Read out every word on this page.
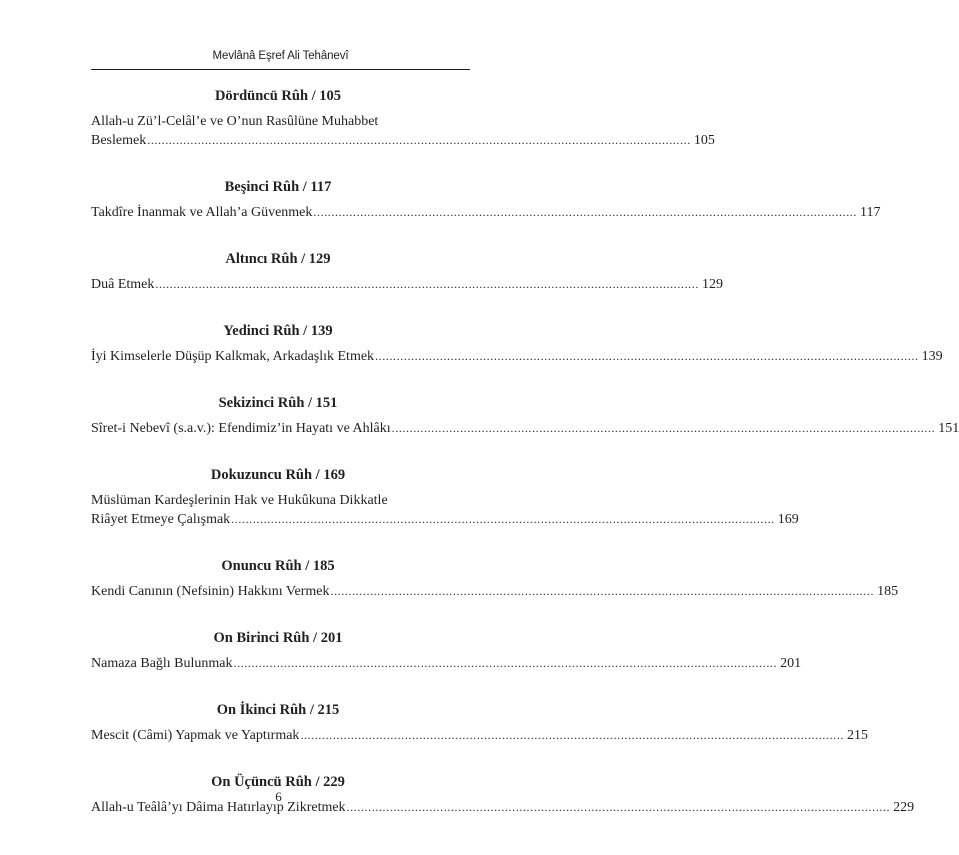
Mevlânâ Eşref Ali Tehânevî
Dördüncü Rûh / 105
Allah-u Zü’l-Celâl’e ve O’nun Rasûlüne Muhabbet
Beslemek ....................................................................................................................................................... 105
Beşinci Rûh / 117
Takdîre İnanmak ve Allah’a Güvenmek ....................................................................................................................................................... 117
Altıncı Rûh / 129
Duâ Etmek ....................................................................................................................................................... 129
Yedinci Rûh / 139
İyi Kimselerle Düşüp Kalkmak, Arkadaşlık Etmek ....................................................................................................................................................... 139
Sekizinci Rûh / 151
Sîret-i Nebevî (s.a.v.): Efendimiz’in Hayatı ve Ahlâkı ....................................................................................................................................................... 151
Dokuzuncu Rûh / 169
Müslüman Kardeşlerinin Hak ve Hukûkuna Dikkatle
Riâyet Etmeye Çalışmak ....................................................................................................................................................... 169
Onuncu Rûh / 185
Kendi Canının (Nefsinin) Hakkını Vermek ....................................................................................................................................................... 185
On Birinci Rûh / 201
Namaza Bağlı Bulunmak ....................................................................................................................................................... 201
On İkinci Rûh / 215
Mescit (Câmi) Yapmak ve Yaptırmak ....................................................................................................................................................... 215
On Üçüncü Rûh / 229
Allah-u Teâlâ’yı Dâima Hatırlayıp Zikretmek ....................................................................................................................................................... 229
6
